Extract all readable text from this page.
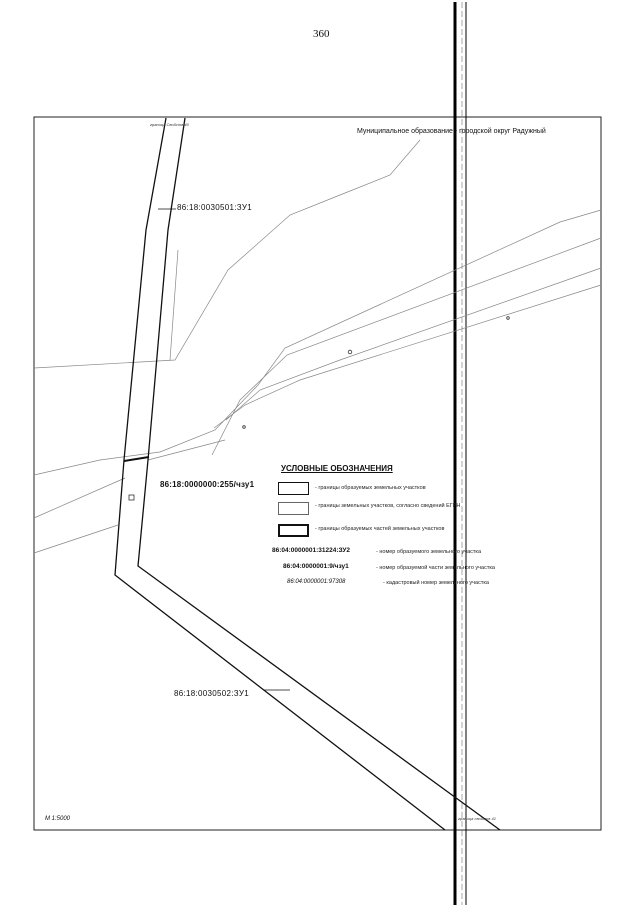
360
Муниципальное образование - городской округ Радужный
граница Свойств 40
86:18:0030501:ЗУ1
86:18:0000000:255/чзу1
86:18:0030502:ЗУ1
граница свойств 41
М 1:5000
УСЛОВНЫЕ ОБОЗНАЧЕНИЯ
- границы образуемых земельных участков
- границы земельных участков, согласно сведений ЕГРН
- границы образуемых частей земельных участков
86:04:0000001:31224:ЗУ2	- номер образуемого земельного участка
86:04:0000001:9/чзу1	- номер образуемой части земельного участка
86:04:0000001:97308	- кадастровый номер земельного участка
